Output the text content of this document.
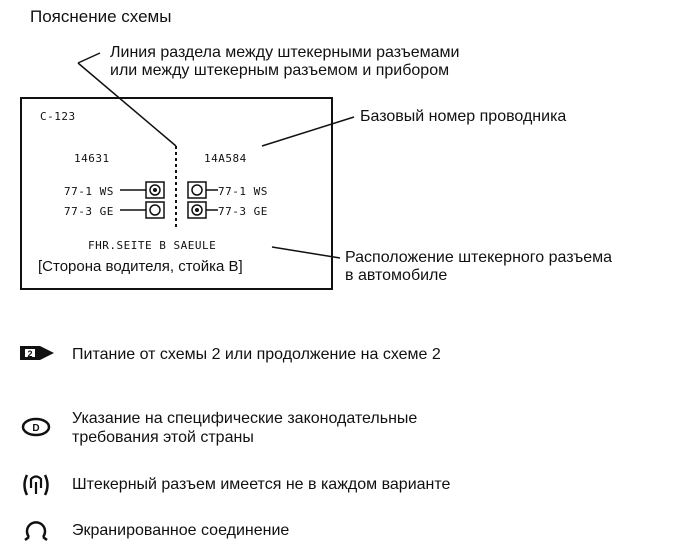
Пояснение схемы
Линия раздела между штекерными разъемами
или между штекерным разъемом и прибором
Базовый номер проводника
Расположение штекерного разъема
в автомобиле
C-123
14631	14A584
77-1 WS
77-3 GE
77-1 WS
77-3 GE
FHR.SEITE B SAEULE
[Сторона водителя, стойка В]
2
D
Питание от схемы 2 или продолжение на схеме 2
Указание на специфические законодательные
требования этой страны
Штекерный разъем имеется не в каждом варианте
Экранированное соединение
